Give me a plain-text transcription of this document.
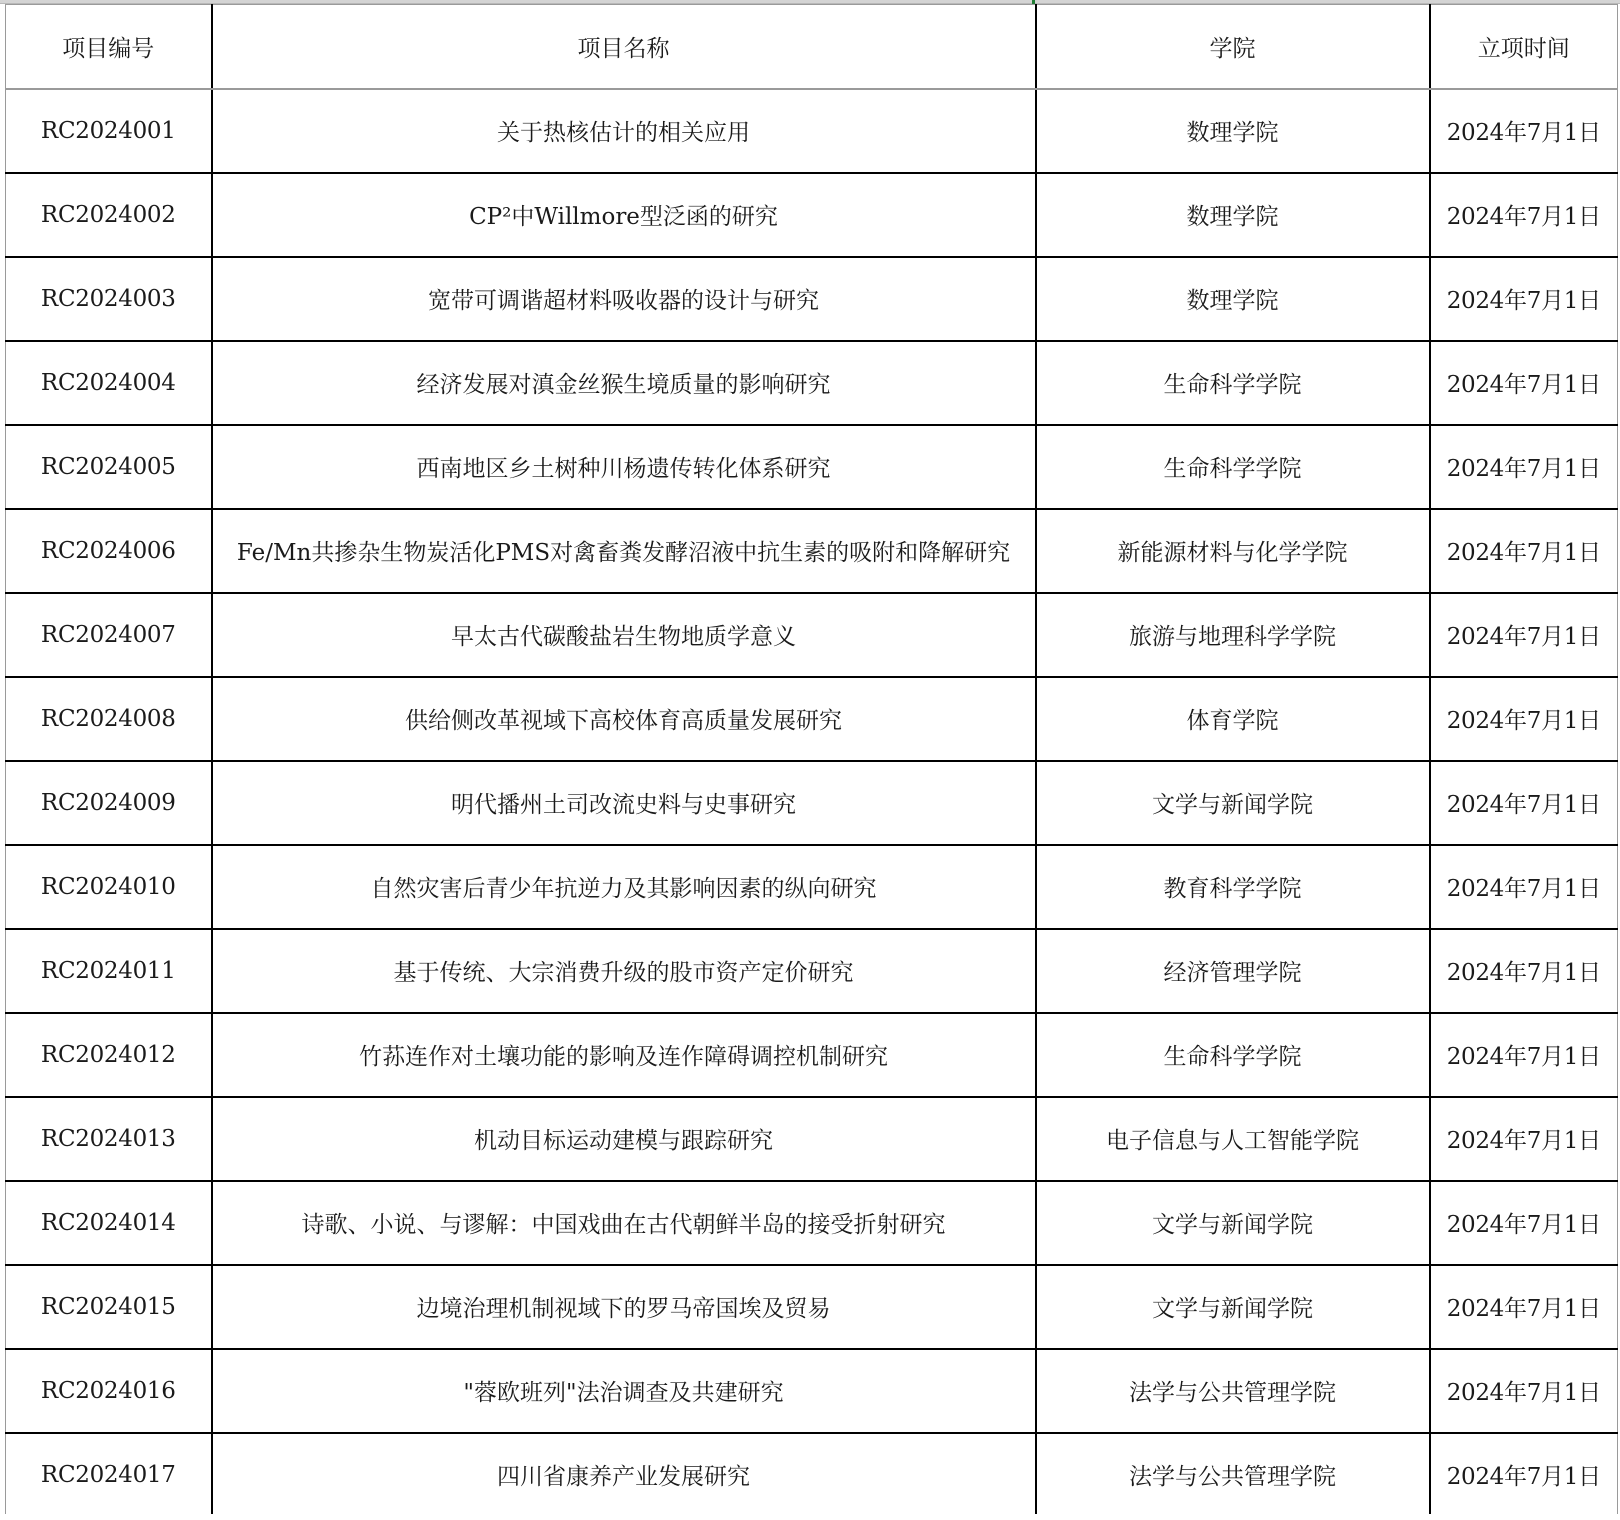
项目编号	项目名称	学院	立项时间
RC2024001	关于热核估计的相关应用	数理学院	2024年7月1日
RC2024002	CP²中Willmore型泛函的研究	数理学院	2024年7月1日
RC2024003	宽带可调谐超材料吸收器的设计与研究	数理学院	2024年7月1日
RC2024004	经济发展对滇金丝猴生境质量的影响研究	生命科学学院	2024年7月1日
RC2024005	西南地区乡土树种川杨遗传转化体系研究	生命科学学院	2024年7月1日
RC2024006	Fe/Mn共掺杂生物炭活化PMS对禽畜粪发酵沼液中抗生素的吸附和降解研究	新能源材料与化学学院	2024年7月1日
RC2024007	早太古代碳酸盐岩生物地质学意义	旅游与地理科学学院	2024年7月1日
RC2024008	供给侧改革视域下高校体育高质量发展研究	体育学院	2024年7月1日
RC2024009	明代播州土司改流史料与史事研究	文学与新闻学院	2024年7月1日
RC2024010	自然灾害后青少年抗逆力及其影响因素的纵向研究	教育科学学院	2024年7月1日
RC2024011	基于传统、大宗消费升级的股市资产定价研究	经济管理学院	2024年7月1日
RC2024012	竹荪连作对土壤功能的影响及连作障碍调控机制研究	生命科学学院	2024年7月1日
RC2024013	机动目标运动建模与跟踪研究	电子信息与人工智能学院	2024年7月1日
RC2024014	诗歌、小说、与谬解：中国戏曲在古代朝鲜半岛的接受折射研究	文学与新闻学院	2024年7月1日
RC2024015	边境治理机制视域下的罗马帝国埃及贸易	文学与新闻学院	2024年7月1日
RC2024016	"蓉欧班列"法治调查及共建研究	法学与公共管理学院	2024年7月1日
RC2024017	四川省康养产业发展研究	法学与公共管理学院	2024年7月1日
